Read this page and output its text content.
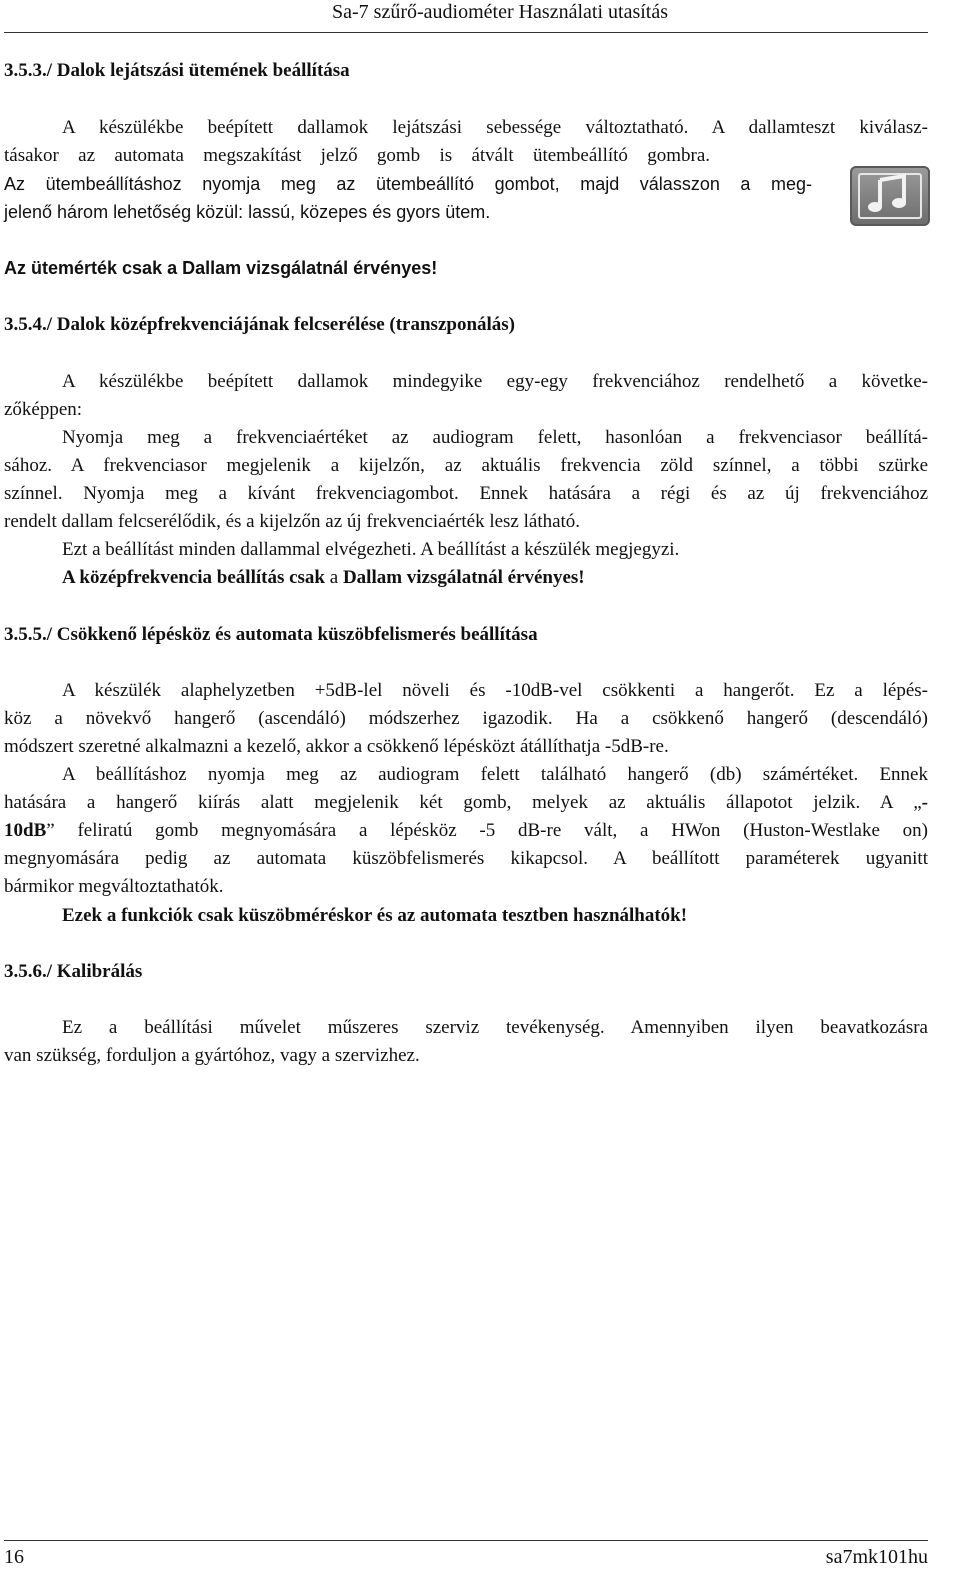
Sa-7 szűrő-audiométer Használati utasítás
3.5.3./ Dalok lejátszási ütemének beállítása
A készülékbe beépített dallamok lejátszási sebessége változtatható. A dallamteszt kiválasz-
tásakor az automata megszakítást jelző gomb is átvált ütembeállító gombra.
Az ütembeállításhoz nyomja meg az ütembeállító gombot, majd válasszon a meg-
jelenő három lehetőség közül: lassú, közepes és gyors ütem.
Az ütemérték csak a Dallam vizsgálatnál érvényes!
3.5.4./ Dalok középfrekvenciájának felcserélése (transzponálás)
A készülékbe beépített dallamok mindegyike egy-egy frekvenciához rendelhető a követke-
zőképpen:
Nyomja meg a frekvenciaértéket az audiogram felett, hasonlóan a frekvenciasor beállítá-
sához. A frekvenciasor megjelenik a kijelzőn, az aktuális frekvencia zöld színnel, a többi szürke
színnel. Nyomja meg a kívánt frekvenciagombot. Ennek hatására a régi és az új frekvenciához
rendelt dallam felcserélődik, és a kijelzőn az új frekvenciaérték lesz látható.
Ezt a beállítást minden dallammal elvégezheti. A beállítást a készülék megjegyzi.
A középfrekvencia beállítás csak a Dallam vizsgálatnál érvényes!
3.5.5./ Csökkenő lépésköz és automata küszöbfelismerés beállítása
A készülék alaphelyzetben +5dB-lel növeli és -10dB-vel csökkenti a hangerőt. Ez a lépés-
köz a növekvő hangerő (ascendáló) módszerhez igazodik. Ha a csökkenő hangerő (descendáló)
módszert szeretné alkalmazni a kezelő, akkor a csökkenő lépésközt átállíthatja -5dB-re.
A beállításhoz nyomja meg az audiogram felett található hangerő (db) számértéket. Ennek
hatására a hangerő kiírás alatt megjelenik két gomb, melyek az aktuális állapotot jelzik. A „-
10dB” feliratú gomb megnyomására a lépésköz -5 dB-re vált, a HWon (Huston-Westlake on)
megnyomására pedig az automata küszöbfelismerés kikapcsol. A beállított paraméterek ugyanitt
bármikor megváltoztathatók.
Ezek a funkciók csak küszöbméréskor és az automata tesztben használhatók!
3.5.6./ Kalibrálás
Ez a beállítási művelet műszeres szerviz tevékenység. Amennyiben ilyen beavatkozásra
van szükség, forduljon a gyártóhoz, vagy a szervizhez.
16	sa7mk101hu
